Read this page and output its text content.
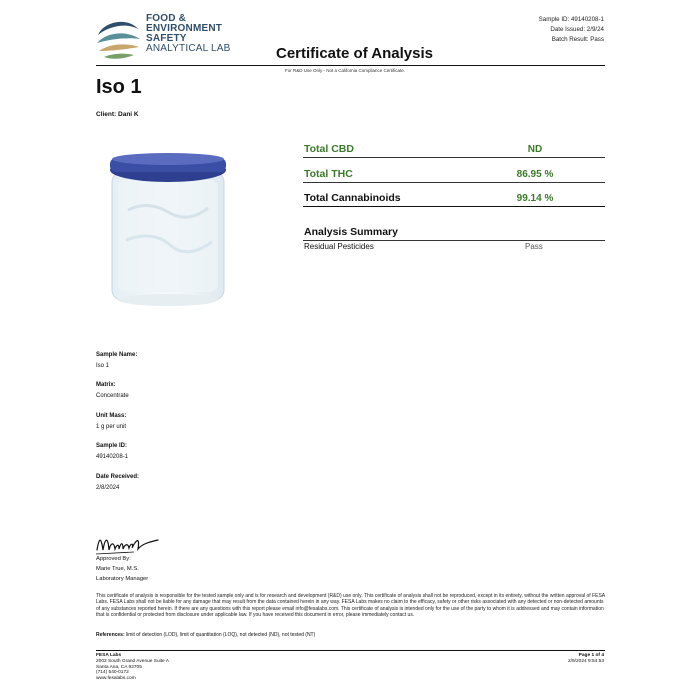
FOOD &
ENVIRONMENT
SAFETY
ANALYTICAL LAB	Certificate of Analysis
Sample ID: 49140208-1
Date Issued: 2/9/24
Batch Result: Pass
For R&D Use Only - Not a California Compliance Certificate.
Iso 1
Client: Dani K
Total CBD	ND
Total THC	86.95 %
Total Cannabinoids	99.14 %
Analysis Summary
Residual Pesticides	Pass
Sample Name:
Iso 1
Matrix:
Concentrate
Unit Mass:
1 g per unit
Sample ID:
49140208-1
Date Received:
2/8/2024
Approved By:
Marie True, M.S.
Laboratory Manager
This certificate of analysis is responsible for the tested sample only and is for research and development (R&D) use only. This certificate of analysis shall not be reproduced, except in its entirety, without the written approval of FESA Labs. FESA Labs shall not be liable for any damage that may result from the data contained herein in any way. FESA Labs makes no claim to the efficacy, safety or other risks associated with any detected or non-detected amounts of any substances reported herein. If there are any questions with this report please email info@fesalabs.com. This certificate of analysis is intended only for the use of the party to whom it is addressed and may contain information that is confidential or protected from disclosure under applicable law. If you have received this document in error, please immediately contact us.
References: limit of detection (LOD), limit of quantitation (LOQ), not detected (ND), not tested (NT)
FESA Labs
2002 South Grand Avenue Suite A
Santa Ana, CA 92705
(714) 540-0172
www.fesalabs.com
Page 1 of 4
2/9/2024 9:54:53
